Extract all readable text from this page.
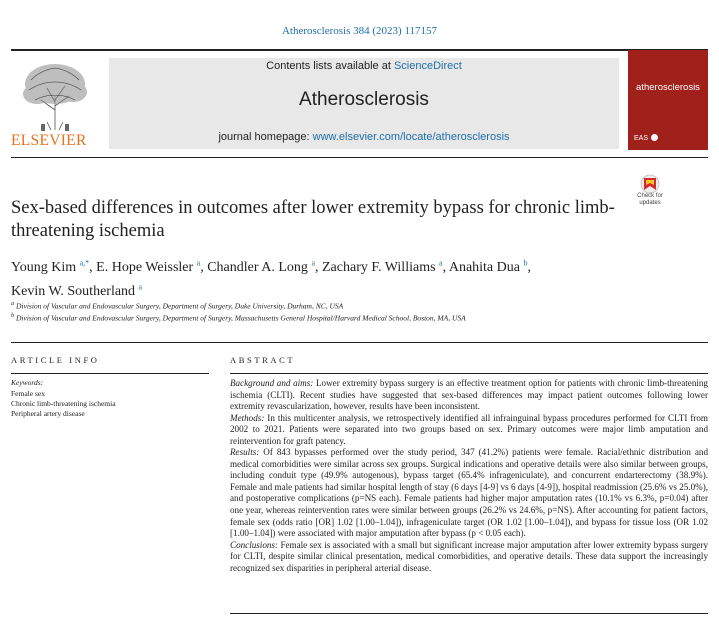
Atherosclerosis 384 (2023) 117157
ELSEVIER
Contents lists available at ScienceDirect
Atherosclerosis
journal homepage: www.elsevier.com/locate/atherosclerosis
atherosclerosis
EAS
Check for
updates
Sex-based differences in outcomes after lower extremity bypass for chronic limb-threatening ischemia
Young Kim $^{a,*}$, E. Hope Weissler $^a$, Chandler A. Long $^a$, Zachary F. Williams $^a$, Anahita Dua $^b$,
Kevin W. Southerland $^a$
$^a$ Division of Vascular and Endovascular Surgery, Department of Surgery, Duke University, Durham, NC, USA
$^b$ Division of Vascular and Endovascular Surgery, Department of Surgery, Massachusetts General Hospital/Harvard Medical School, Boston, MA, USA
ARTICLE INFO	ABSTRACT
Keywords:
Female sex
Chronic limb-threatening ischemia
Peripheral artery disease

Background and aims: Lower extremity bypass surgery is an effective treatment option for patients with chronic limb-threatening ischemia (CLTI). Recent studies have suggested that sex-based differences may impact patient outcomes following lower extremity revascularization, however, results have been inconsistent.

Methods: In this multicenter analysis, we retrospectively identified all infrainguinal bypass procedures performed for CLTI from 2002 to 2021. Patients were separated into two groups based on sex. Primary outcomes were major limb amputation and reintervention for graft patency.

Results: Of 843 bypasses performed over the study period, 347 (41.2%) patients were female. Racial/ethnic distribution and medical comorbidities were similar across sex groups. Surgical indications and operative details were also similar between groups, including conduit type (49.9% autogenous), bypass target (65.4% infrageniculate), and concurrent endarterectomy (38.9%). Female and male patients had similar hospital length of stay (6 days [4-9] vs 6 days [4-9]), hospital readmission (25.6% vs 25.0%), and postoperative complications (p=NS each). Female patients had higher major amputation rates (10.1% vs 6.3%, p=0.04) after one year, whereas reintervention rates were similar between groups (26.2% vs 24.6%, p=NS). After accounting for patient factors, female sex (odds ratio [OR] 1.02 [1.00–1.04]), infrageniculate target (OR 1.02 [1.00–1.04]), and bypass for tissue loss (OR 1.02 [1.00–1.04]) were associated with major amputation after bypass (p < 0.05 each).

Conclusions: Female sex is associated with a small but significant increase major amputation after lower extremity bypass surgery for CLTI, despite similar clinical presentation, medical comorbidities, and operative details. These data support the increasingly recognized sex disparities in peripheral arterial disease.
